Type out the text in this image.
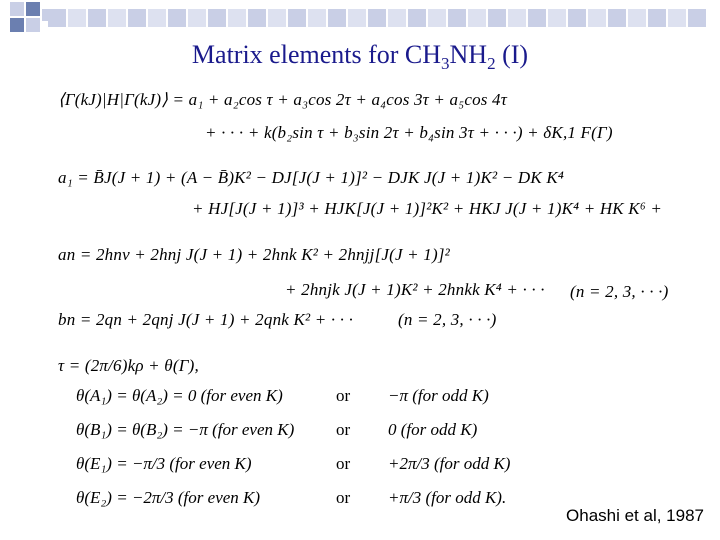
Matrix elements for $CH_3NH_2$ (I)
⟨Γ(kJ)|H|Γ(kJ)⟩ = a₁ + a₂cos τ + a₃cos 2τ + a₄cos 3τ + a₅cos 4τ
+ · · · + k(b₂sin τ + b₃sin 2τ + b₄sin 3τ + · · ·) + δK,1 F(Γ)
a₁ = B̄J(J + 1) + (A − B̄)K² − DJ[J(J + 1)]² − DJK J(J + 1)K² − DK K⁴
+ HJ[J(J + 1)]³ + HJK[J(J + 1)]²K² + HKJ J(J + 1)K⁴ + HK K⁶ +
an = 2hnv + 2hnj J(J + 1) + 2hnk K² + 2hnjj[J(J + 1)]²
+ 2hnjk J(J + 1)K² + 2hnkk K⁴ + · · · (n = 2, 3, · · ·)
bn = 2qn + 2qnj J(J + 1) + 2qnk K² + · · ·	(n = 2, 3, · · ·)
τ = (2π/6)kρ + θ(Γ),
θ(A₁) = θ(A₂) = 0 (for even K)	or −π (for odd K)
θ(B₁) = θ(B₂) = −π (for even K) or 0 (for odd K)
θ(E₁) = −π/3 (for even K)	or +2π/3 (for odd K)
θ(E₂) = −2π/3 (for even K)	or +π/3 (for odd K).
Ohashi et al, 1987
